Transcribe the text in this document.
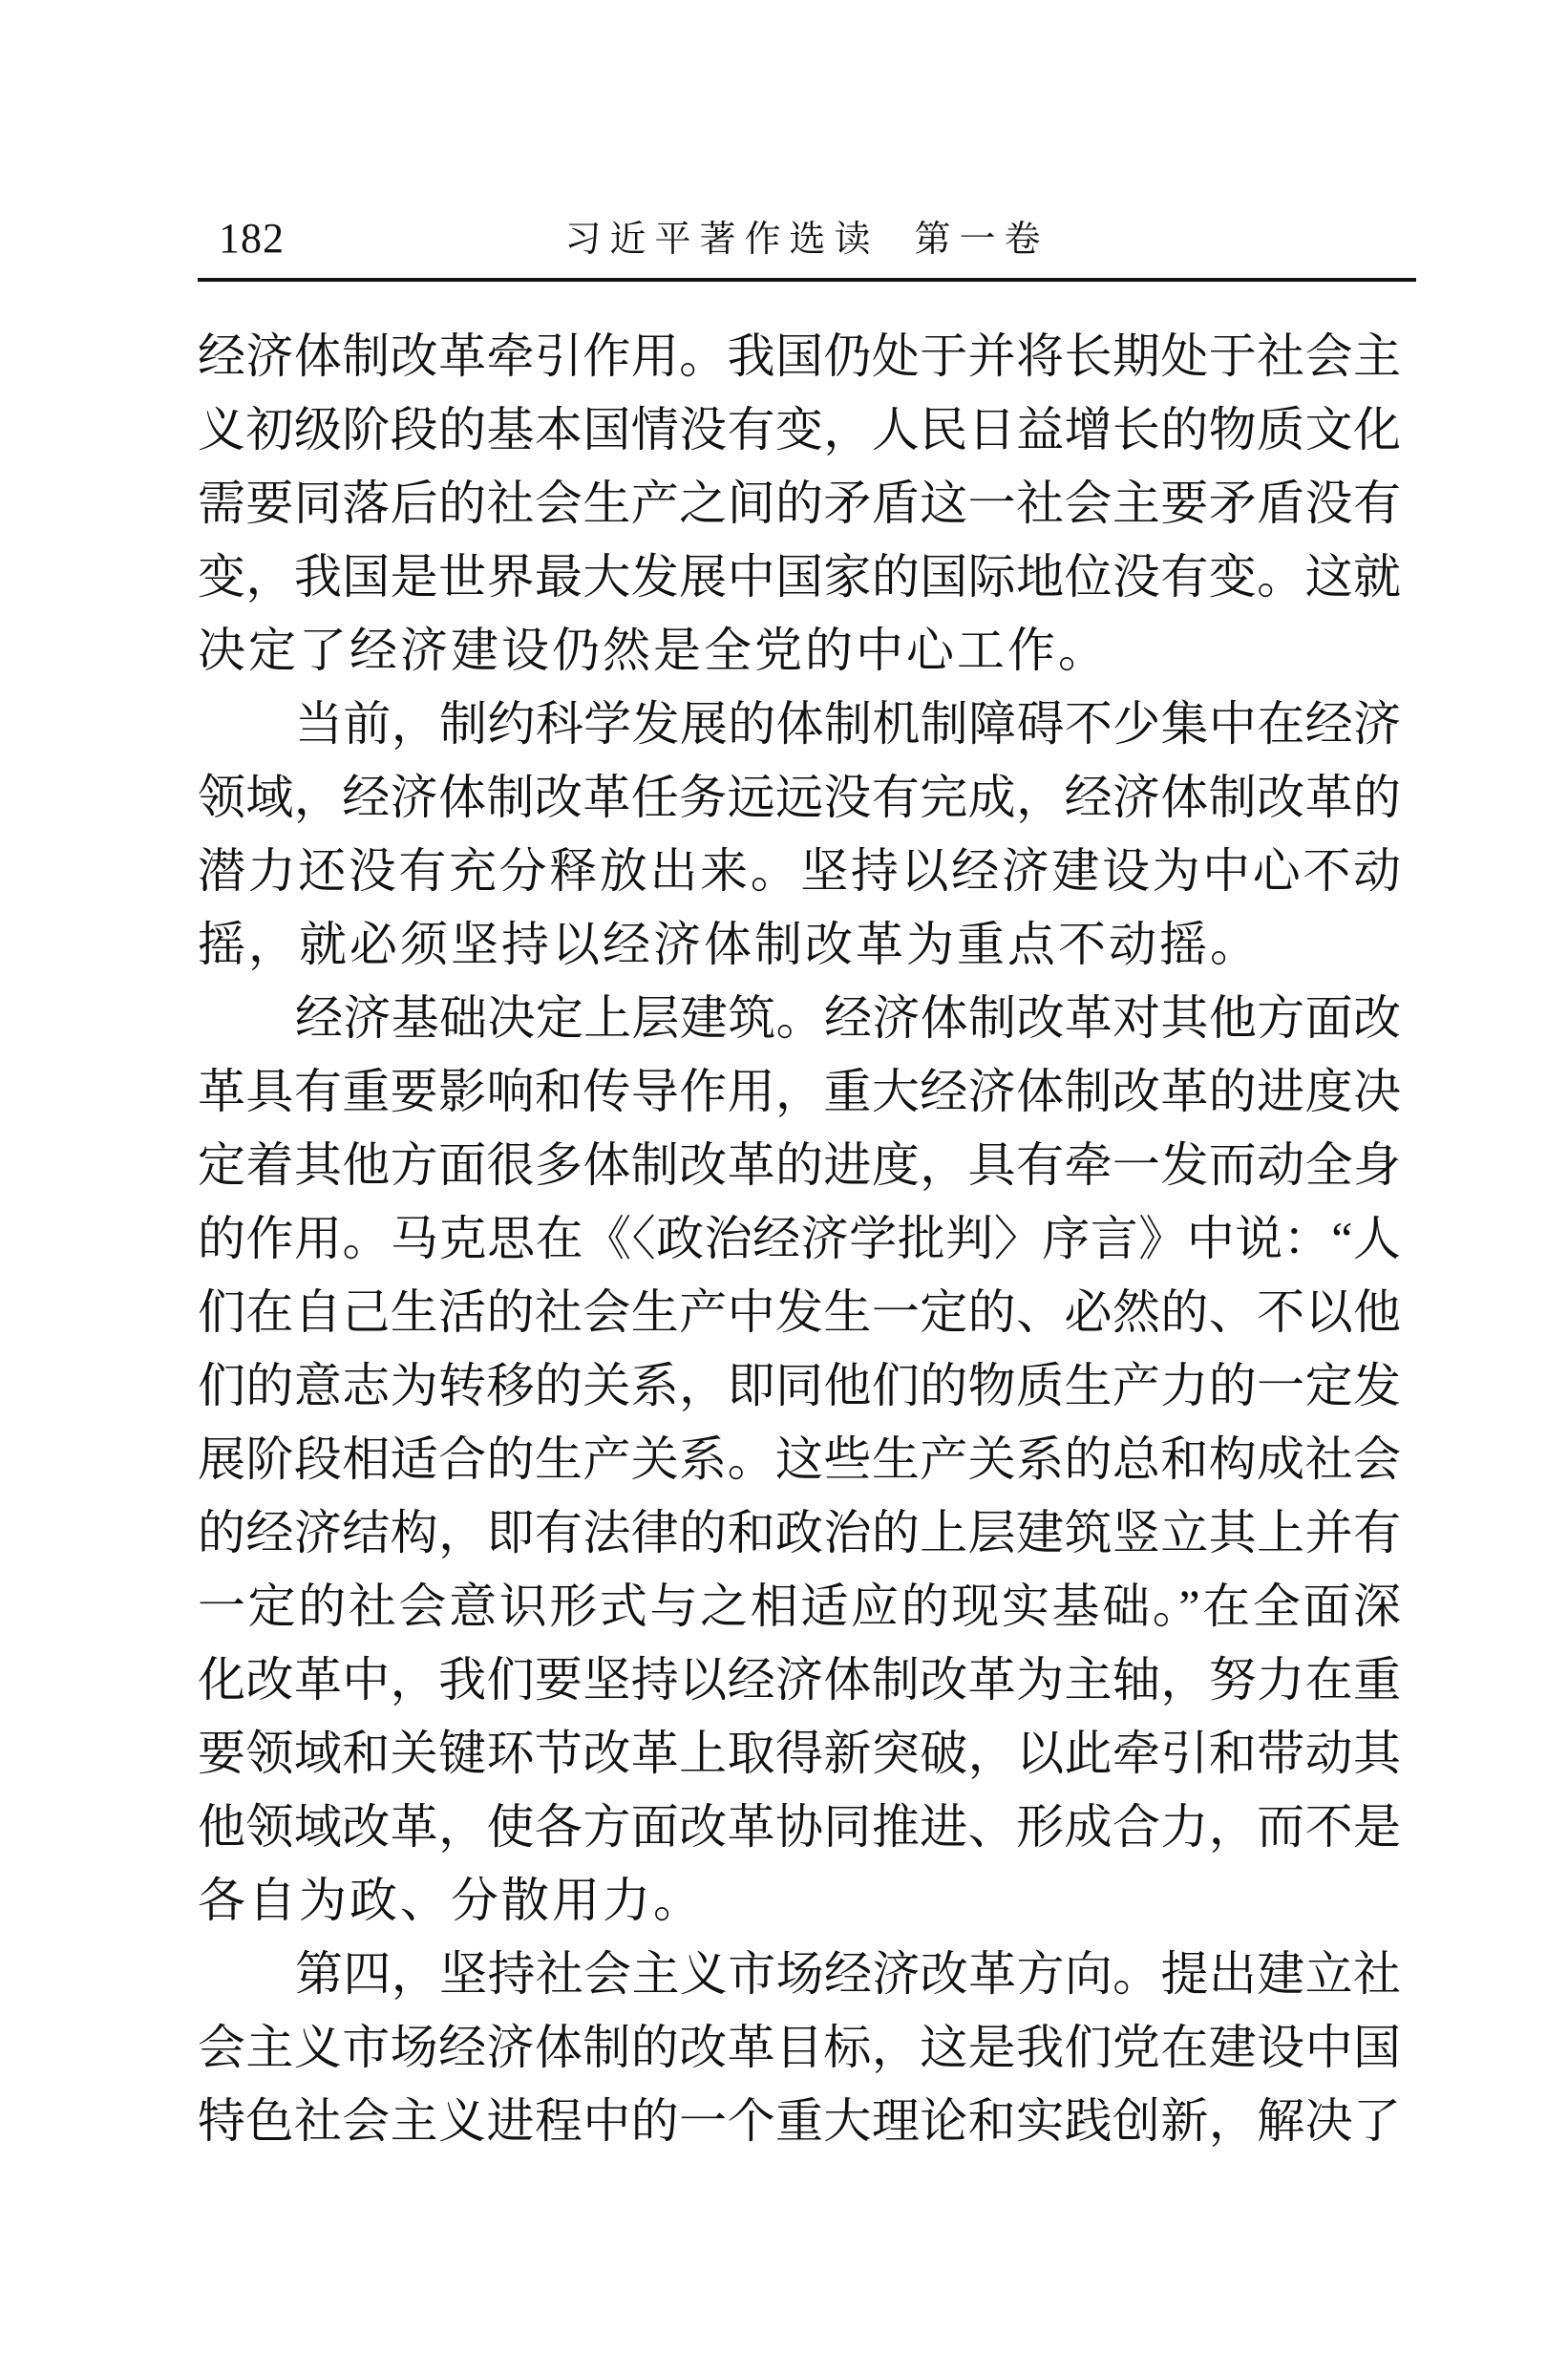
182	习近平著作选读  第一卷
经济体制改革牵引作用。我国仍处于并将长期处于社会主
义初级阶段的基本国情没有变，人民日益增长的物质文化
需要同落后的社会生产之间的矛盾这一社会主要矛盾没有
变，我国是世界最大发展中国家的国际地位没有变。这就
决定了经济建设仍然是全党的中心工作。
当前，制约科学发展的体制机制障碍不少集中在经济
领域，经济体制改革任务远远没有完成，经济体制改革的
潜力还没有充分释放出来。坚持以经济建设为中心不动
摇，就必须坚持以经济体制改革为重点不动摇。
经济基础决定上层建筑。经济体制改革对其他方面改
革具有重要影响和传导作用，重大经济体制改革的进度决
定着其他方面很多体制改革的进度，具有牵一发而动全身
的作用。马克思在《〈政治经济学批判〉序言》中说：“人
们在自己生活的社会生产中发生一定的、必然的、不以他
们的意志为转移的关系，即同他们的物质生产力的一定发
展阶段相适合的生产关系。这些生产关系的总和构成社会
的经济结构，即有法律的和政治的上层建筑竖立其上并有
一定的社会意识形式与之相适应的现实基础。”在全面深
化改革中，我们要坚持以经济体制改革为主轴，努力在重
要领域和关键环节改革上取得新突破，以此牵引和带动其
他领域改革，使各方面改革协同推进、形成合力，而不是
各自为政、分散用力。
第四，坚持社会主义市场经济改革方向。提出建立社
会主义市场经济体制的改革目标，这是我们党在建设中国
特色社会主义进程中的一个重大理论和实践创新，解决了
